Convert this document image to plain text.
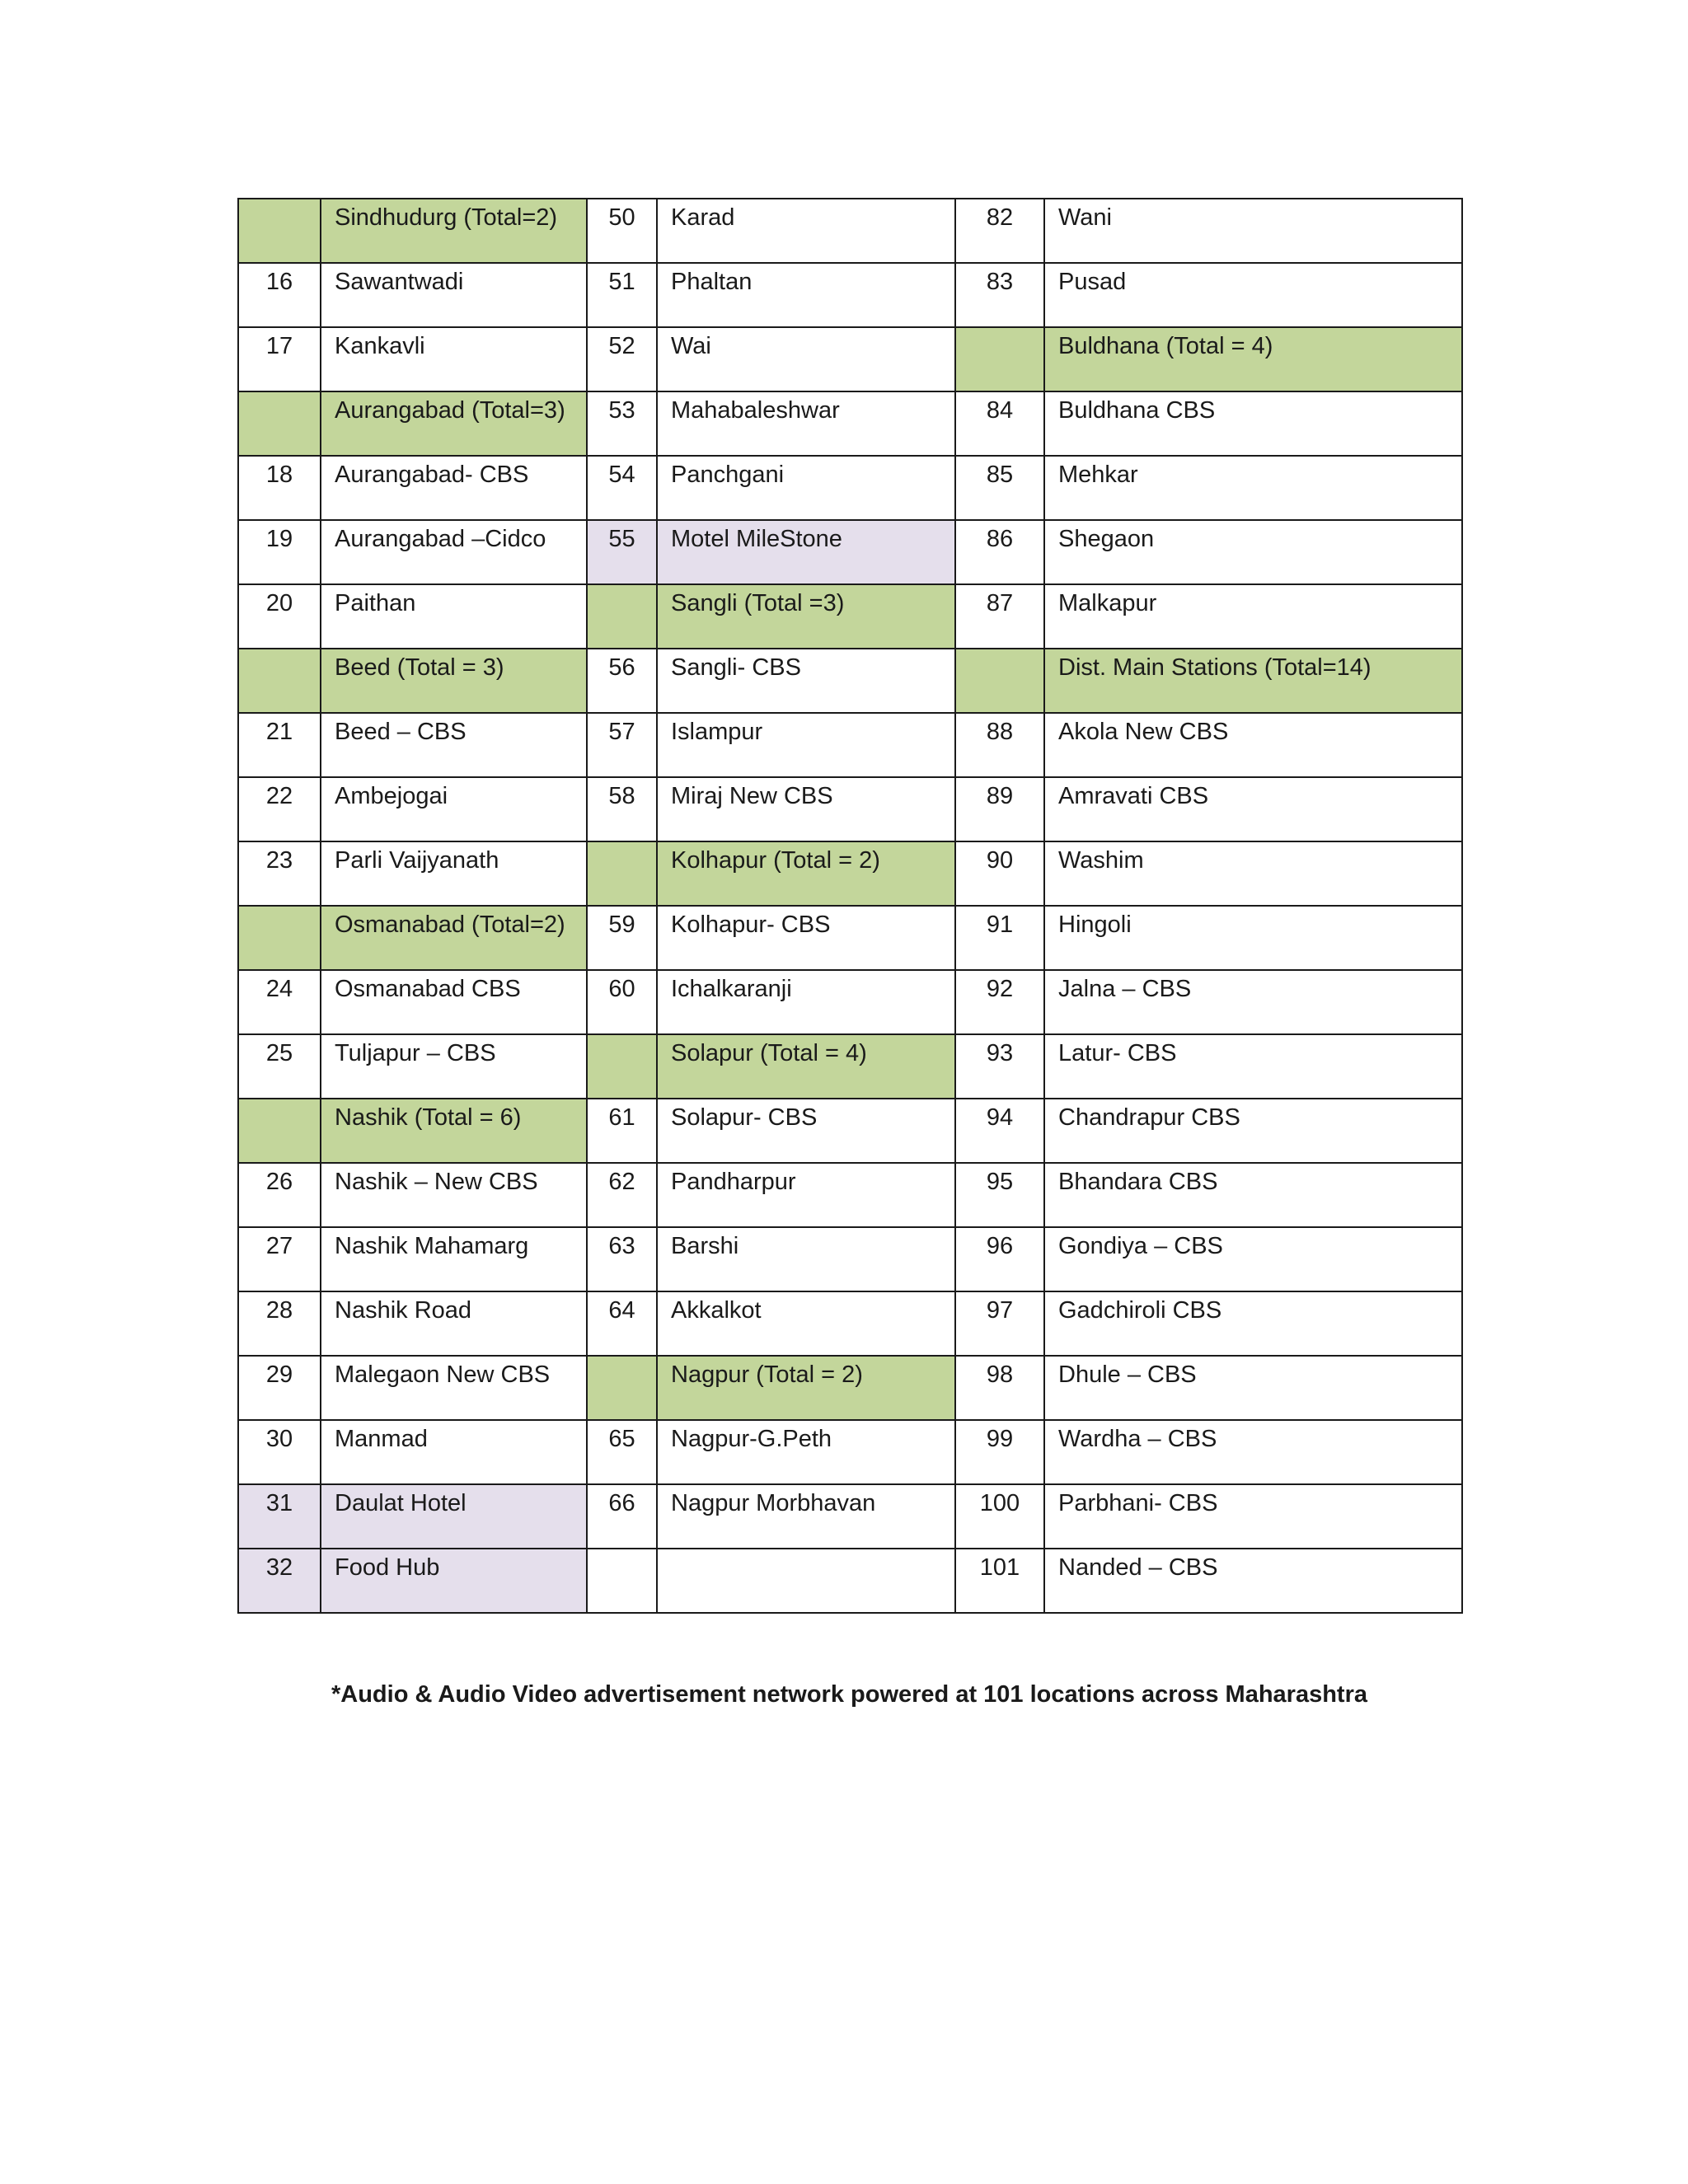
	Sindhudurg (Total=2)	50	Karad	82	Wani
16	Sawantwadi	51	Phaltan	83	Pusad
17	Kankavli	52	Wai		Buldhana (Total = 4)
	Aurangabad (Total=3)	53	Mahabaleshwar	84	Buldhana CBS
18	Aurangabad- CBS	54	Panchgani	85	Mehkar
19	Aurangabad –Cidco	55	Motel MileStone	86	Shegaon
20	Paithan		Sangli (Total =3)	87	Malkapur
	Beed (Total = 3)	56	Sangli- CBS		Dist. Main Stations (Total=14)
21	Beed – CBS	57	Islampur	88	Akola New CBS
22	Ambejogai	58	Miraj New CBS	89	Amravati CBS
23	Parli Vaijyanath		Kolhapur (Total = 2)	90	Washim
	Osmanabad (Total=2)	59	Kolhapur- CBS	91	Hingoli
24	Osmanabad CBS	60	Ichalkaranji	92	Jalna – CBS
25	Tuljapur – CBS		Solapur (Total = 4)	93	Latur- CBS
	Nashik (Total = 6)	61	Solapur- CBS	94	Chandrapur CBS
26	Nashik – New CBS	62	Pandharpur	95	Bhandara CBS
27	Nashik Mahamarg	63	Barshi	96	Gondiya – CBS
28	Nashik Road	64	Akkalkot	97	Gadchiroli CBS
29	Malegaon New CBS		Nagpur (Total = 2)	98	Dhule – CBS
30	Manmad	65	Nagpur-G.Peth	99	Wardha – CBS
31	Daulat Hotel	66	Nagpur Morbhavan	100	Parbhani- CBS
32	Food Hub			101	Nanded – CBS
*Audio & Audio Video advertisement network powered at 101 locations across Maharashtra
